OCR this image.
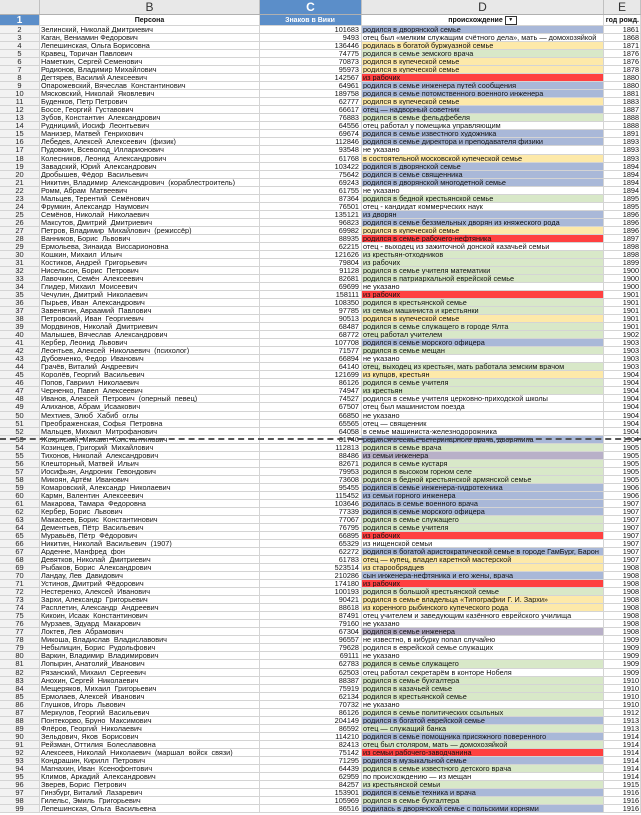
B	C	D	E
1	Персона	Знаков в Вики	происхождение ▼	год рожд.
2	Зелинский, Николай Дмитриевич	101683 родился в дворянской семье	1861
3	Каган, Вениамин Федорович	9493 отец был «мелким служащим счётного дела», мать — домохозяйкой	1868
4	Лепешинская, Ольга Борисовна	136446 родилась в богатой буржуазной семье	1871
5	Кравец, Торичан Павлович	74775 родился в семье земского врача	1876
6	Наметкин, Сергей Семенович	70873 родился в купеческой семье	1876
7	Родионов, Владимир Михайлович	95973 родился в купеческой семье	1878
8	Дегтярев, Василий Алексеевич	142567 из рабочих	1880
9	Опарожевский, Вячеслав_Константинович	64961 родился в семье инженера путей сообщения	1880
10	Мясковский, Николай_Яковлевич	189758 родился в семье потомственного военного инженера	1881
11	Буденков, Петр Петрович	62777 родился в купеческой семье	1883
12	Боссе, Георгий_Густавович	66617 отец — надворный советник	1887
13	Зубов, Константин_Александрович	76883 родился в семье фельдфебеля	1888
14	Руднициий, Иосиф_Леонтьевич	64556 отец работал у помещика управляющим	1888
15	Манизер, Матвей_Генрихович	69674 родился в семье известного художника	1891
16	Лебедев, Алексей_Алексеевич_(физик)	112846 родился в семье директора и преподавателя физики	1893
17	Пудовкин, Всеволод_Илларионович	93548 не указано	1893
18	Колесников, Леонид_Александрович	61768 в состоятельной московской купеческой семье	1893
19	Завадский, Юрий_Александрович	103422 родился в дворянской семье	1894
20	Дробышев, Фёдор_Васильевич	75642 родился в семье священника	1894
21	Никитин, Владимир_Александрович_(кораблестроитель)	69243 родился в дворянской многодетной семье	1894
22	Ромм, Абрам_Матвеевич	61755 не указано	1894
23	Мальцев, Терентий_Семёнович	87364 родился в бедной крестьянской семье	1895
24	Фрумкин, Александр_Наумович	76501 отец - кандидат коммерческих наук	1895
25	Семёнов, Николай_Николаевич	135121 из дворян	1896
26	Максутов, Дмитрий_Дмитриевич	96823 родился в семье беззмельных дворян из княжеского рода	1896
27	Петров, Владимир_Михайлович_(режиссёр)	69982 родился в купеческой семье	1896
28	Ванников, Борис_Львович	88935 родился в семье рабочего-нефтяника	1897
29	Ермольева, Зинаида_Виссарионовна	62215 отец - выходец из зажиточной донской казачьей семьи	1898
30	Кошкин, Михаил_Ильич	121626 из крестьян-отходников	1898
31	Костиков, Андрей_Григорьевич	79804 из рабочих	1899
32	Нисельсон, Борис_Петрович	91128 родился в семье учителя математики	1900
33	Лавочкин, Семён_Алексеевич	82681 родился в патриархальной еврейской семье	1900
34	Глидер, Михаил_Моисеевич	69699 не указано	1900
35	Чечулин, Дмитрий_Николаевич	158111 из рабочих	1901
36	Пырьев, Иван_Александрович	108350 родился в крестьянской семье	1901
37	Завенягин, Авраамий_Павлович	97785 из семьи машиниста и крестьянки	1901
38	Петровский, Иван_Георгиевич	90513 родился в купеческой семье	1901
39	Мордвинов, Николай_Дмитриевич	68487 родился в семье служащего в городе Ялта	1901
40	Малышев, Вячеслав_Александрович	68772 отец работал учителем	1902
41	Кербер, Леонид_Львович	107708 родился в семье морского офицера	1903
42	Леонтьев, Алексей_Николаевич_(психолог)	71577 родился в семье мещан	1903
43	Дубовченко, Федор_Иванович	66894 не указано	1903
44	Грачёв, Виталий_Андреевич	64140 отец, выходец из крестьян, мать работала земским врачом	1903
45	Королёв, Георгий_Васильевич	121699 из купцов, крестьян	1904
46	Попов, Гавриил_Николаевич	86126 родился в семье учителя	1904
47	Черненко, Павел_Алексеевич	74947 из крестьян	1904
48	Иванов, Алексей_Петрович_(оперный_певец)	74527 родился в семье учителя церковно-приходской школы	1904
49	Алиханов, Абрам_Исаакович	67507 отец был машинистом поезда	1904
50	Мехтиев, Элюб_Хабиб_оглы	66850 не указано	1904
51	Преображенская, Софья_Петровна	65565 отец — священник	1904
52	Мальцев, Михаил_Митрофанович	64058 в семье машиниста-железнодорожника	1904
53	Жохрнский, Михаил_Константинович	61740 родился в семье ветеринарного врача, дворянина	1904
54	Козинцев, Григорий_Михайлович	112813 родился в семье врача	1905
55	Тихонов, Николай_Александрович	88486 из семьи инженера	1905
56	Клешторный, Матвей_Ильич	82671 родился в семье кустаря	1905
57	Иосифьян, Андроник_Гевондович	79953 родился в высоком горном селе	1905
58	Микоян, Артём_Иванович	73608 родился в бедной крестьянской армянской семье	1905
59	Комаровский, Александр_Николаевич	95455 родился в семье инженера-гидротехника	1906
60	Кармн, Валентин_Алексеевич	115452 из семьи горного инженера	1906
61	Макарова, Тамара_Федоровна	103646 родилась в семье военного врача	1907
62	Кербер, Борис_Львович	77339 родился в семье морского офицера	1907
63	Макасеев, Борис_Константинович	77067 родился в семье служащего	1907
64	Дементьев, Пётр_Васильевич	76795 родился в семье учителя	1907
65	Муравьёв, Пётр_Фёдорович	66895 из рабочих	1907
66	Никитин, Николай_Васильевич_(1907)	65329 из нищенской семьи	1907
67	Арденне, Манфред_фон	62272 родился в богатой аристократической семье в городе ГамБург, Барон	1907
68	Девятков, Николай_Дмитриевич	61783 отец — купец, владел каретной мастерской	1907
69	Рыбаков, Борис_Александрович	523514 из старообрядцев	1908
70	Ландау, Лев_Давидович	210286 сын инженера-нефтяника и его жены, врача	1908
71	Устинов, Дмитрий_Фёдорович	174180 из рабочих	1908
72	Нестеренко, Алексей_Иванович	100193 родился в большой крестьянской семье	1908
73	Зархи, Александр_Григорьевич	90421 родился в семье владельца «Типографии Г. И. Зархи»	1908
74	Расплетин, Александр_Андреевич	88618 из коренного рыбинского купеческого рода	1908
75	Кикоин, Исаак_Константинович	87491 отец учителем и заведующим казённого еврейского училища	1908
76	Мурзаев, Эдуард_Макарович	79160 не указано	1908
77	Локтев, Лев_Абрамович	67304 родился в семье инженера	1908
78	Микоша, Владислав_Владиславович	96557 не известно, в кибурку попал случайно	1909
79	Небылицин, Борис_Рудольфович	79628 родился в еврейской семье служащих	1909
80	Варкин, Владимир_Владимирович	69111 не указано	1909
81	Лопырин, Анатолий_Иванович	62783 родился в семье служащего	1909
82	Рязанский, Михаил_Сергеевич	62503 отец работал секретарём в конторе Нобеля	1909
83	Анохин, Сергей_Николаевич	88387 родился в семье бухгалтера	1910
84	Мещеряков, Михаил_Григорьевич	75919 родился в казачьей семье	1910
85	Ермолаев, Алексей_Иванович	62134 родился в крестьянской семье	1910
86	Глушков, Игорь_Львович	70732 не указано	1910
87	Меркулов, Георгий_Васильевич	86126 родился в семье политических ссыльных	1912
88	Понтекорво, Бруно_Максимович	204149 родился в богатой еврейской семье	1913
89	Флёров, Георгий_Николаевич	86592 отец — служащий банка	1913
90	Зельдович, Яков_Борисович	114210 родился в семье помощника присяжного поверенного	1914
91	Рейзман, Оттилия_Болеславовна	82413 отец был столяром, мать — домохозяйкой	1914
92	Алексеев, Николай_Николаевич_(маршал_войск_связи)	75142 из семьи рабочего-заводчанина	1914
93	Кондрашин, Кирилл_Петрович	71295 родился в музыкальной семье	1914
94	Магнахин, Иван_Ксенофонтович	64439 родился в семье известного детского врача	1914
95	Климов, Аркадий_Александрович	62959 по происхождению — из мещан	1914
96	Зверев, Борис_Петрович	84257 из крестьянской семьи	1915
97	Гинзбург, Виталий_Лазаревич	153901 родился в семье техника и врача	1916
98	Гилельс, Эмиль_Григорьевич	105969 родился в семье бухгалтера	1916
99	Лепешинская, Ольга_Васильевна	86516 родилась в дворянской семье с польскими корнями	1916
